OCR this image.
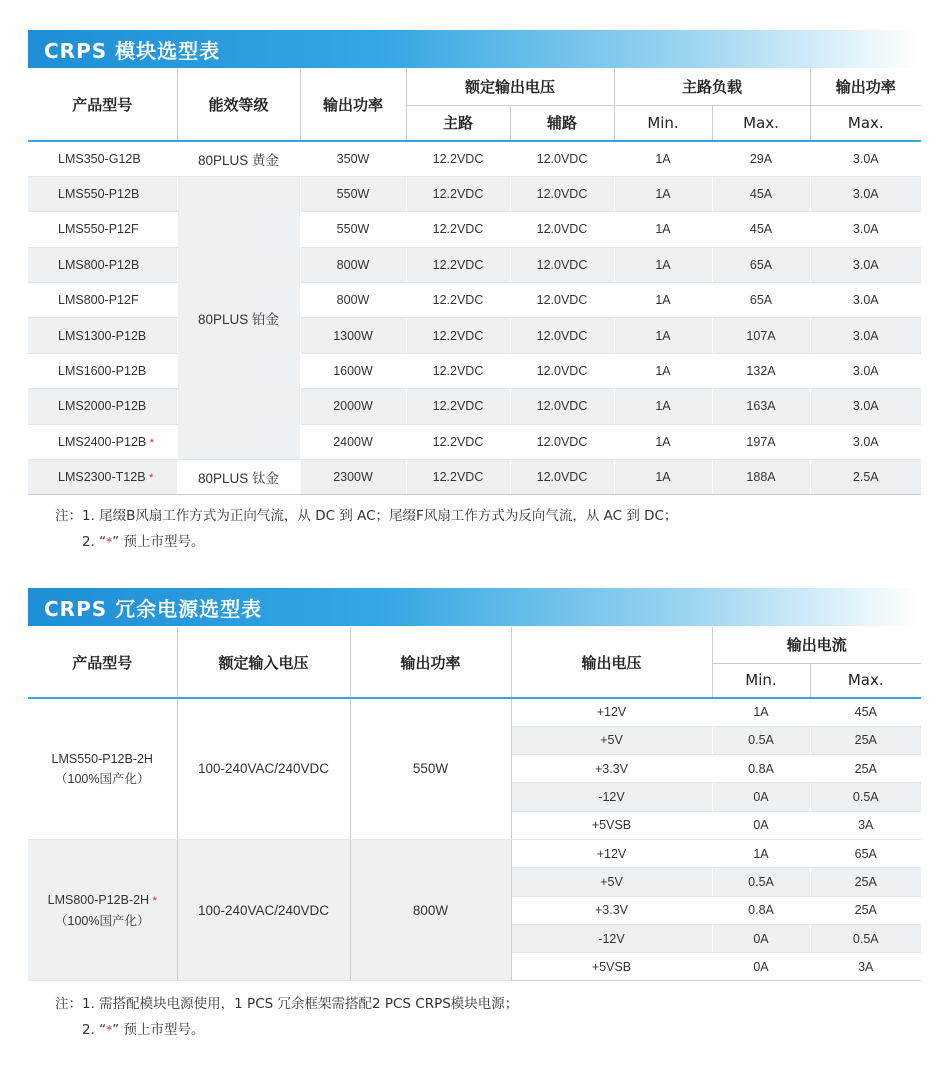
CRPS 模块选型表
产品型号	能效等级	输出功率	额定输出电压		主路负载		输出功率
			主路	辅路	Min.	Max.	Max.
LMS350-G12B	80PLUS 黄金	350W	12.2VDC	12.0VDC	1A	29A	3.0A
LMS550-P12B	80PLUS 铂金	550W	12.2VDC	12.0VDC	1A	45A	3.0A
LMS550-P12F		550W	12.2VDC	12.0VDC	1A	45A	3.0A
LMS800-P12B		800W	12.2VDC	12.0VDC	1A	65A	3.0A
LMS800-P12F		800W	12.2VDC	12.0VDC	1A	65A	3.0A
LMS1300-P12B		1300W	12.2VDC	12.0VDC	1A	107A	3.0A
LMS1600-P12B		1600W	12.2VDC	12.0VDC	1A	132A	3.0A
LMS2000-P12B		2000W	12.2VDC	12.0VDC	1A	163A	3.0A
LMS2400-P12B *		2400W	12.2VDC	12.0VDC	1A	197A	3.0A
LMS2300-T12B *	80PLUS 钛金	2300W	12.2VDC	12.0VDC	1A	188A	2.5A
注：1. 尾缀B风扇工作方式为正向气流，从 DC 到 AC；尾缀F风扇工作方式为反向气流，从 AC 到 DC；
2. “*” 预上市型号。
CRPS 冗余电源选型表
产品型号	额定输入电压	输出功率	输出电压	输出电流	
				Min.	Max.

LMS550-P12B-2H
（100%国产化）	100-240VAC/240VDC	550W	+12V	1A	45A
			+5V	0.5A	25A
			+3.3V	0.8A	25A
			-12V	0A	0.5A
			+5VSB	0A	3A

LMS800-P12B-2H *
（100%国产化）	100-240VAC/240VDC	800W	+12V	1A	65A
			+5V	0.5A	25A
			+3.3V	0.8A	25A
			-12V	0A	0.5A
			+5VSB	0A	3A
注：1. 需搭配模块电源使用，1 PCS 冗余框架需搭配2 PCS CRPS模块电源；
2. “*” 预上市型号。
